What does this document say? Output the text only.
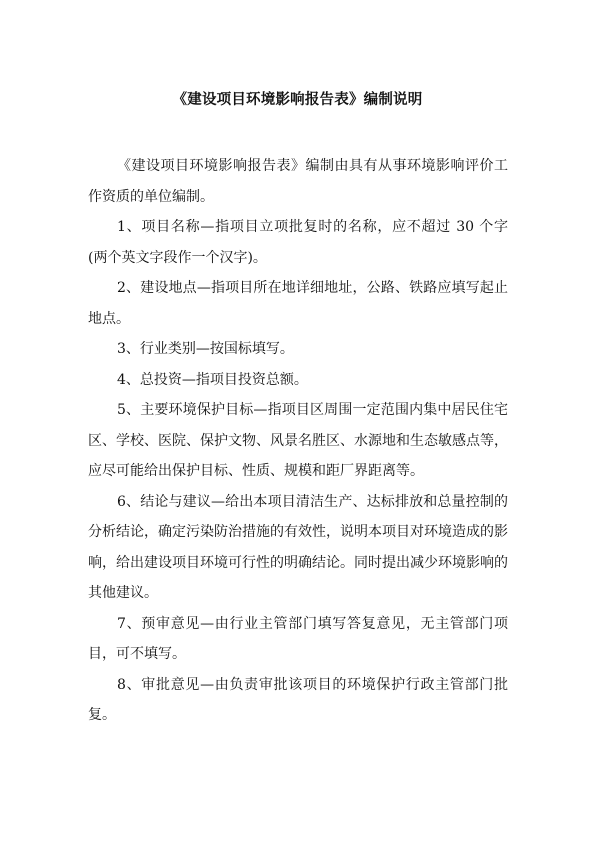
《建设项目环境影响报告表》编制说明

《建设项目环境影响报告表》编制由具有从事环境影响评价工作资质的单位编制。

1、项目名称—指项目立项批复时的名称，应不超过 30 个字(两个英文字段作一个汉字)。

2、建设地点—指项目所在地详细地址，公路、铁路应填写起止地点。

3、行业类别—按国标填写。

4、总投资—指项目投资总额。

5、主要环境保护目标—指项目区周围一定范围内集中居民住宅区、学校、医院、保护文物、风景名胜区、水源地和生态敏感点等，应尽可能给出保护目标、性质、规模和距厂界距离等。

6、结论与建议—给出本项目清洁生产、达标排放和总量控制的分析结论，确定污染防治措施的有效性，说明本项目对环境造成的影响，给出建设项目环境可行性的明确结论。同时提出减少环境影响的其他建议。

7、预审意见—由行业主管部门填写答复意见，无主管部门项目，可不填写。

8、审批意见—由负责审批该项目的环境保护行政主管部门批复。
